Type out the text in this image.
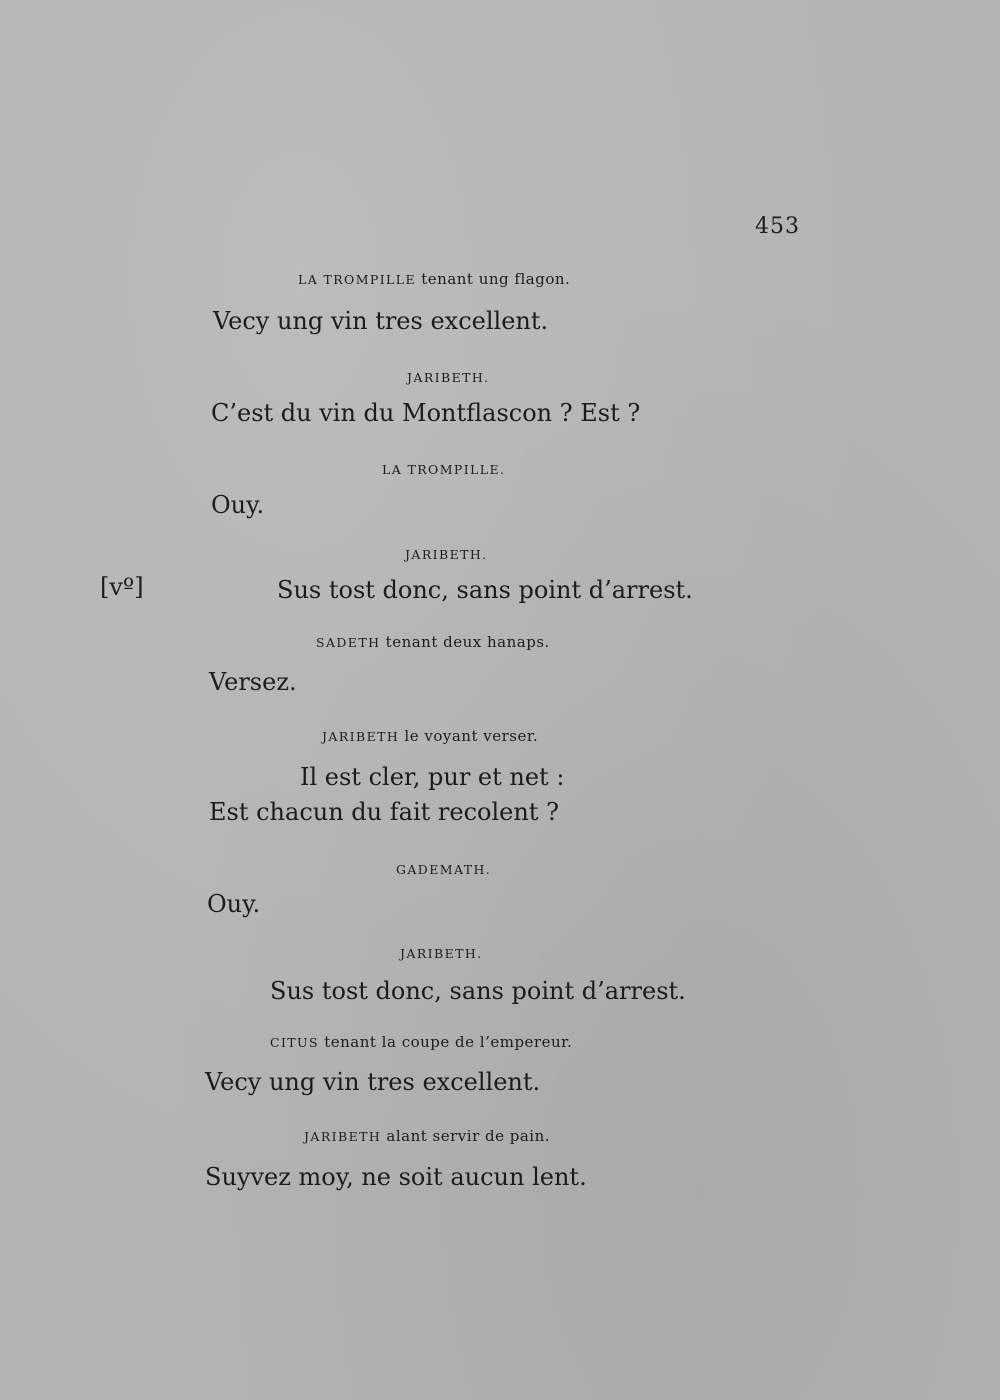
453
[vº]
LA TROMPILLE tenant ung flagon.
Vecy ung vin tres excellent.
JARIBETH.
C’est du vin du Montflascon ? Est ?
LA TROMPILLE.
Ouy.
JARIBETH.
Sus tost donc, sans point d’arrest.
SADETH tenant deux hanaps.
Versez.
JARIBETH le voyant verser.
Il est cler, pur et net :
Est chacun du fait recolent ?
GADEMATH.
Ouy.
JARIBETH.
Sus tost donc, sans point d’arrest.
CITUS tenant la coupe de l’empereur.
Vecy ung vin tres excellent.
JARIBETH alant servir de pain.
Suyvez moy, ne soit aucun lent.
